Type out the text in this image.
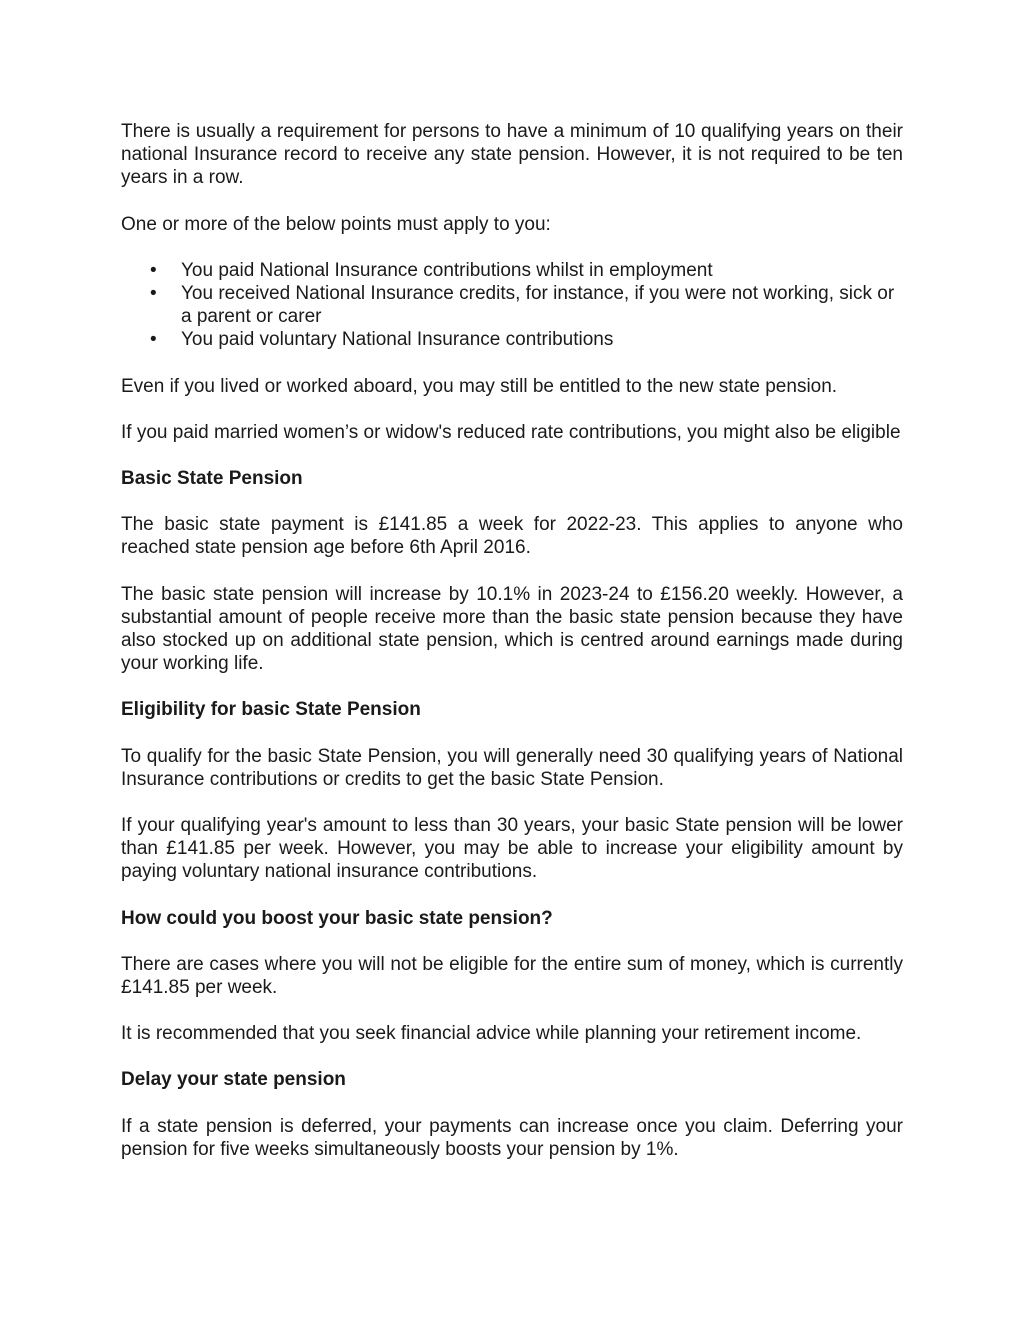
There is usually a requirement for persons to have a minimum of 10 qualifying years on their national Insurance record to receive any state pension. However, it is not required to be ten years in a row.

One or more of the below points must apply to you:

• You paid National Insurance contributions whilst in employment
• You received National Insurance credits, for instance, if you were not working, sick or a parent or carer
• You paid voluntary National Insurance contributions

Even if you lived or worked aboard, you may still be entitled to the new state pension.

If you paid married women’s or widow's reduced rate contributions, you might also be eligible

Basic State Pension

The basic state payment is £141.85 a week for 2022-23. This applies to anyone who reached state pension age before 6th April 2016.

The basic state pension will increase by 10.1% in 2023-24 to £156.20 weekly. However, a substantial amount of people receive more than the basic state pension because they have also stocked up on additional state pension, which is centred around earnings made during your working life.

Eligibility for basic State Pension

To qualify for the basic State Pension, you will generally need 30 qualifying years of National Insurance contributions or credits to get the basic State Pension.

If your qualifying year's amount to less than 30 years, your basic State pension will be lower than £141.85 per week. However, you may be able to increase your eligibility amount by paying voluntary national insurance contributions.

How could you boost your basic state pension?

There are cases where you will not be eligible for the entire sum of money, which is currently £141.85 per week.

It is recommended that you seek financial advice while planning your retirement income.

Delay your state pension

If a state pension is deferred, your payments can increase once you claim. Deferring your pension for five weeks simultaneously boosts your pension by 1%.
